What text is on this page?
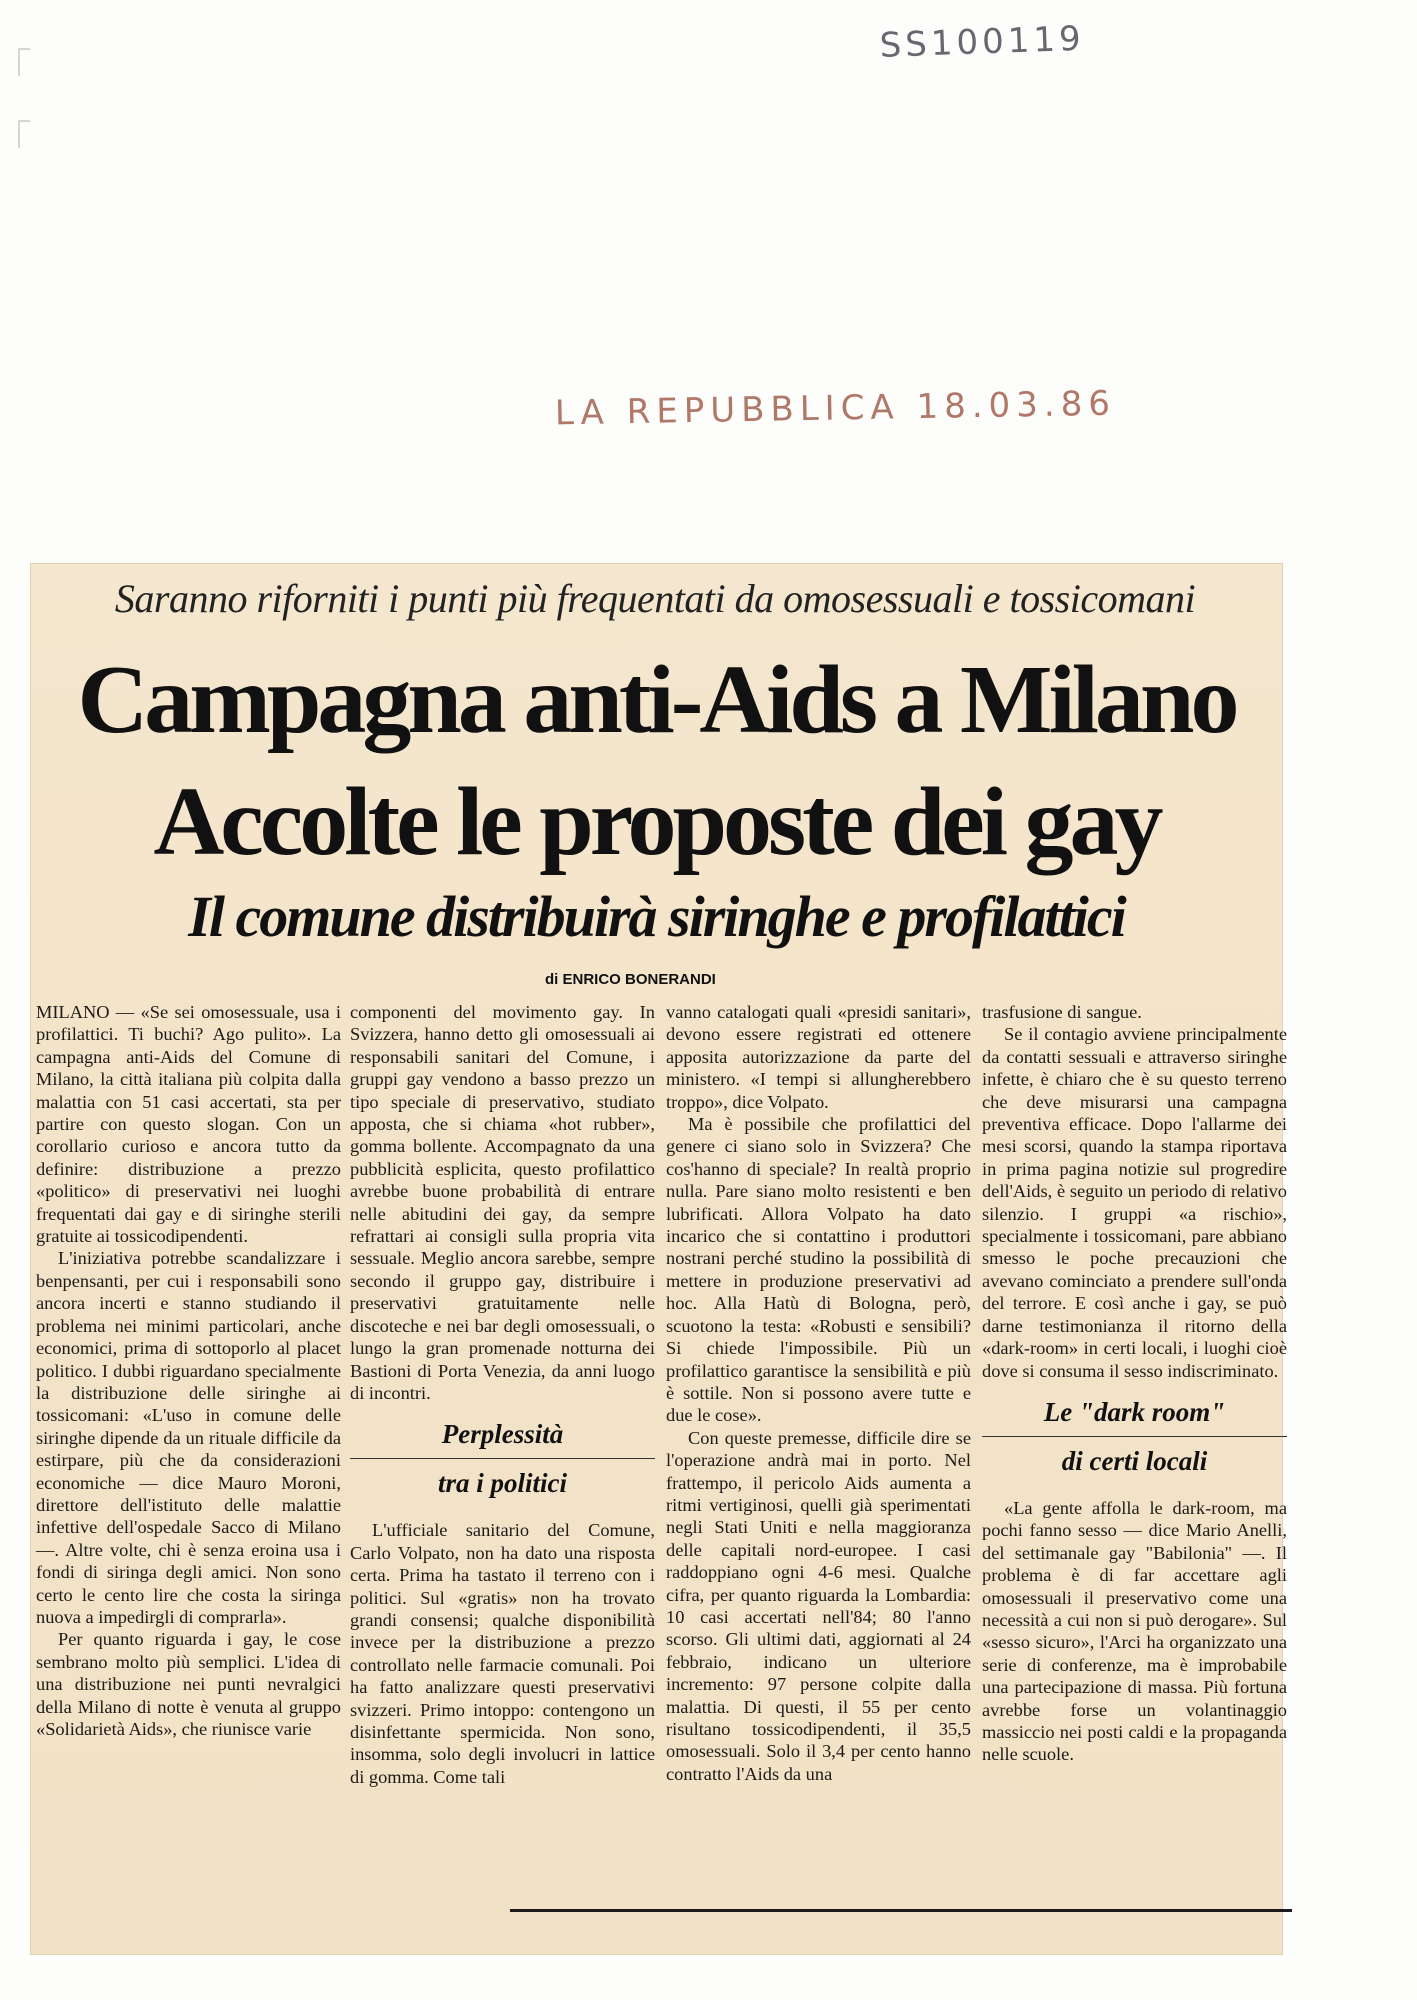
SS100119
LA REPUBBLICA 18.03.86
Saranno riforniti i punti più frequentati da omosessuali e tossicomani
Campagna anti-Aids a Milano
Accolte le proposte dei gay
Il comune distribuirà siringhe e profilattici
di ENRICO BONERANDI

MILANO — «Se sei omosessuale, usa i profilattici. Ti buchi? Ago pulito». La campagna anti-Aids del Comune di Milano, la città italiana più colpita dalla malattia con 51 casi accertati, sta per partire con questo slogan. Con un corollario curioso e ancora tutto da definire: distribuzione a prezzo «politico» di preservativi nei luoghi frequentati dai gay e di siringhe sterili gratuite ai tossicodipendenti.

L'iniziativa potrebbe scandalizzare i benpensanti, per cui i responsabili sono ancora incerti e stanno studiando il problema nei minimi particolari, anche economici, prima di sottoporlo al placet politico. I dubbi riguardano specialmente la distribuzione delle siringhe ai tossicomani: «L'uso in comune delle siringhe dipende da un rituale difficile da estirpare, più che da considerazioni economiche — dice Mauro Moroni, direttore dell'istituto delle malattie infettive dell'ospedale Sacco di Milano —. Altre volte, chi è senza eroina usa i fondi di siringa degli amici. Non sono certo le cento lire che costa la siringa nuova a impedirgli di comprarla».

Per quanto riguarda i gay, le cose sembrano molto più semplici. L'idea di una distribuzione nei punti nevralgici della Milano di notte è venuta al gruppo «Solidarietà Aids», che riunisce varie

componenti del movimento gay. In Svizzera, hanno detto gli omosessuali ai responsabili sanitari del Comune, i gruppi gay vendono a basso prezzo un tipo speciale di preservativo, studiato apposta, che si chiama «hot rubber», gomma bollente. Accompagnato da una pubblicità esplicita, questo profilattico avrebbe buone probabilità di entrare nelle abitudini dei gay, da sempre refrattari ai consigli sulla propria vita sessuale. Meglio ancora sarebbe, sempre secondo il gruppo gay, distribuire i preservativi gratuitamente nelle discoteche e nei bar degli omosessuali, o lungo la gran promenade notturna dei Bastioni di Porta Venezia, da anni luogo di incontri.

Perplessità
tra i politici

L'ufficiale sanitario del Comune, Carlo Volpato, non ha dato una risposta certa. Prima ha tastato il terreno con i politici. Sul «gratis» non ha trovato grandi consensi; qualche disponibilità invece per la distribuzione a prezzo controllato nelle farmacie comunali. Poi ha fatto analizzare questi preservativi svizzeri. Primo intoppo: contengono un disinfettante spermicida. Non sono, insomma, solo degli involucri in lattice di gomma. Come tali

vanno catalogati quali «presidi sanitari», devono essere registrati ed ottenere apposita autorizzazione da parte del ministero. «I tempi si allungherebbero troppo», dice Volpato.

Ma è possibile che profilattici del genere ci siano solo in Svizzera? Che cos'hanno di speciale? In realtà proprio nulla. Pare siano molto resistenti e ben lubrificati. Allora Volpato ha dato incarico che si contattino i produttori nostrani perché studino la possibilità di mettere in produzione preservativi ad hoc. Alla Hatù di Bologna, però, scuotono la testa: «Robusti e sensibili? Si chiede l'impossibile. Più un profilattico garantisce la sensibilità e più è sottile. Non si possono avere tutte e due le cose».

Con queste premesse, difficile dire se l'operazione andrà mai in porto. Nel frattempo, il pericolo Aids aumenta a ritmi vertiginosi, quelli già sperimentati negli Stati Uniti e nella maggioranza delle capitali nord-europee. I casi raddoppiano ogni 4-6 mesi. Qualche cifra, per quanto riguarda la Lombardia: 10 casi accertati nell'84; 80 l'anno scorso. Gli ultimi dati, aggiornati al 24 febbraio, indicano un ulteriore incremento: 97 persone colpite dalla malattia. Di questi, il 55 per cento risultano tossicodipendenti, il 35,5 omosessuali. Solo il 3,4 per cento hanno contratto l'Aids da una

trasfusione di sangue.

Se il contagio avviene principalmente da contatti sessuali e attraverso siringhe infette, è chiaro che è su questo terreno che deve misurarsi una campagna preventiva efficace. Dopo l'allarme dei mesi scorsi, quando la stampa riportava in prima pagina notizie sul progredire dell'Aids, è seguito un periodo di relativo silenzio. I gruppi «a rischio», specialmente i tossicomani, pare abbiano smesso le poche precauzioni che avevano cominciato a prendere sull'onda del terrore. E così anche i gay, se può darne testimonianza il ritorno della «dark-room» in certi locali, i luoghi cioè dove si consuma il sesso indiscriminato.

Le "dark room"
di certi locali

«La gente affolla le dark-room, ma pochi fanno sesso — dice Mario Anelli, del settimanale gay "Babilonia" —. Il problema è di far accettare agli omosessuali il preservativo come una necessità a cui non si può derogare». Sul «sesso sicuro», l'Arci ha organizzato una serie di conferenze, ma è improbabile una partecipazione di massa. Più fortuna avrebbe forse un volantinaggio massiccio nei posti caldi e la propaganda nelle scuole.
